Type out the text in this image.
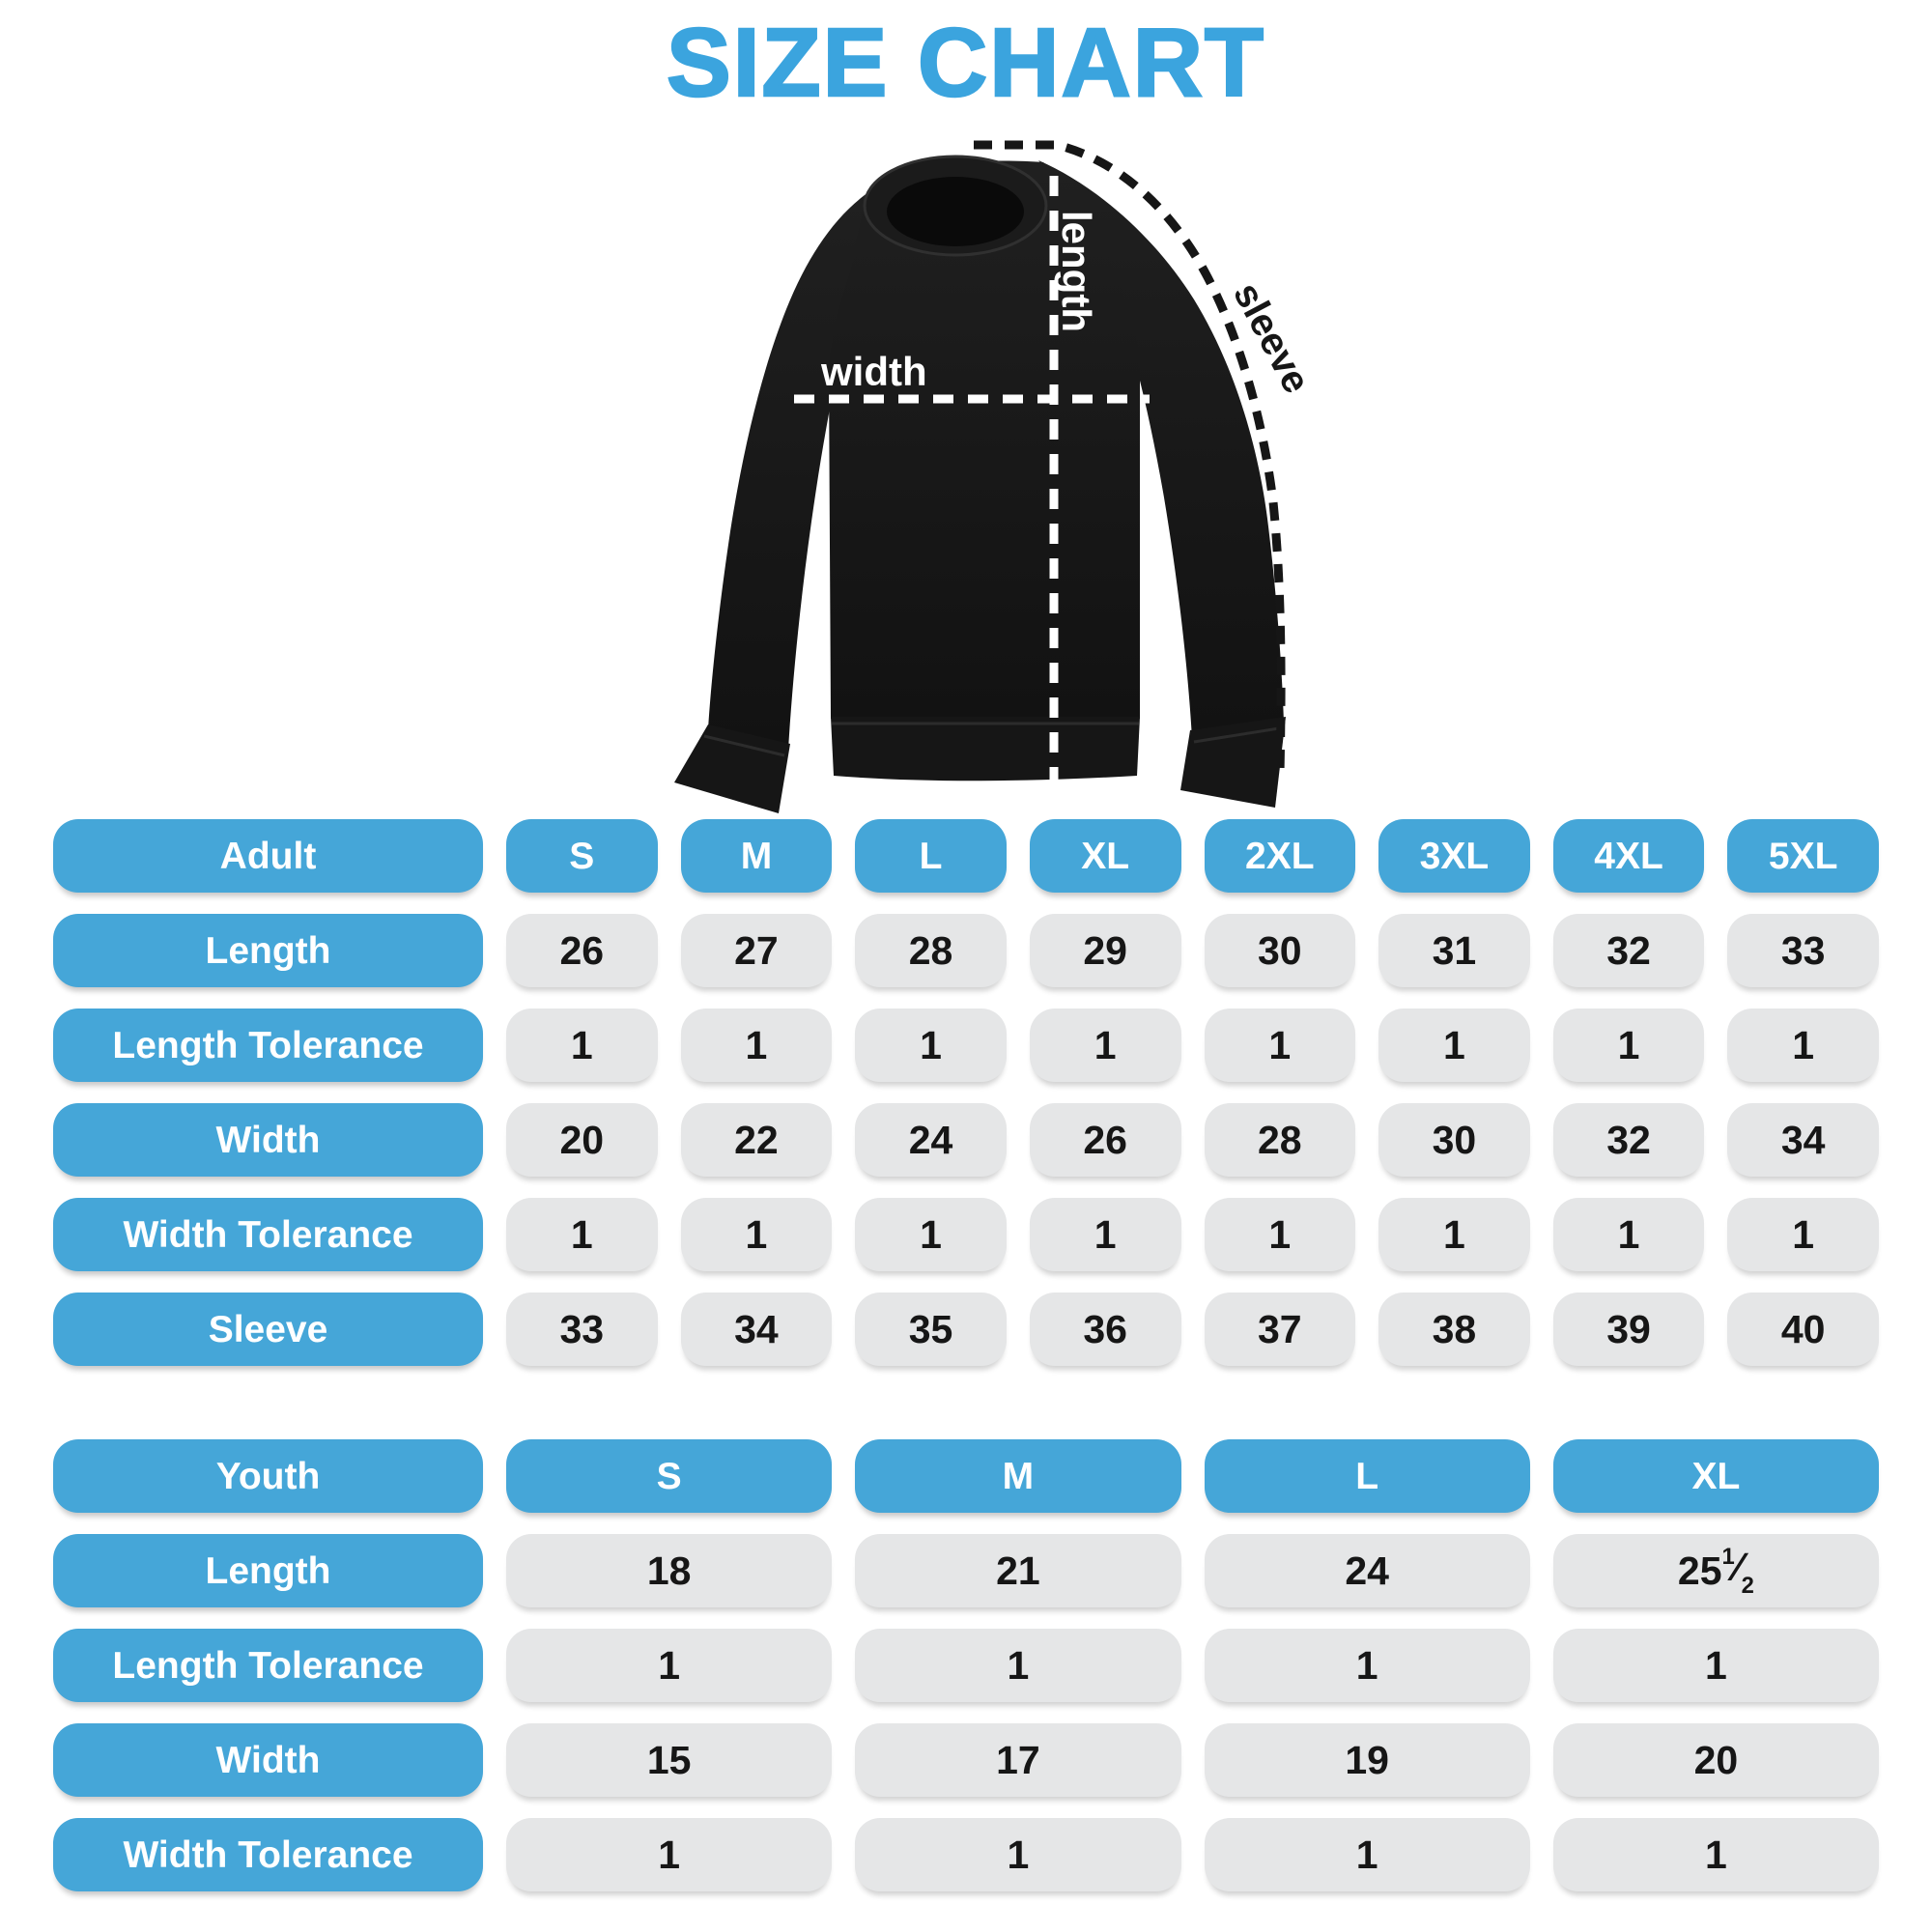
SIZE CHART
width
length
sleeve
Adult	S	M	L	XL	2XL	3XL	4XL	5XL
Length	26	27	28	29	30	31	32	33
Length Tolerance	1	1	1	1	1	1	1	1
Width	20	22	24	26	28	30	32	34
Width Tolerance	1	1	1	1	1	1	1	1
Sleeve	33	34	35	36	37	38	39	40
Youth	S	M	L	XL
Length	18	21	24	25 $^1⁄_2$
Length Tolerance	1	1	1	1
Width	15	17	19	20
Width Tolerance	1	1	1	1
